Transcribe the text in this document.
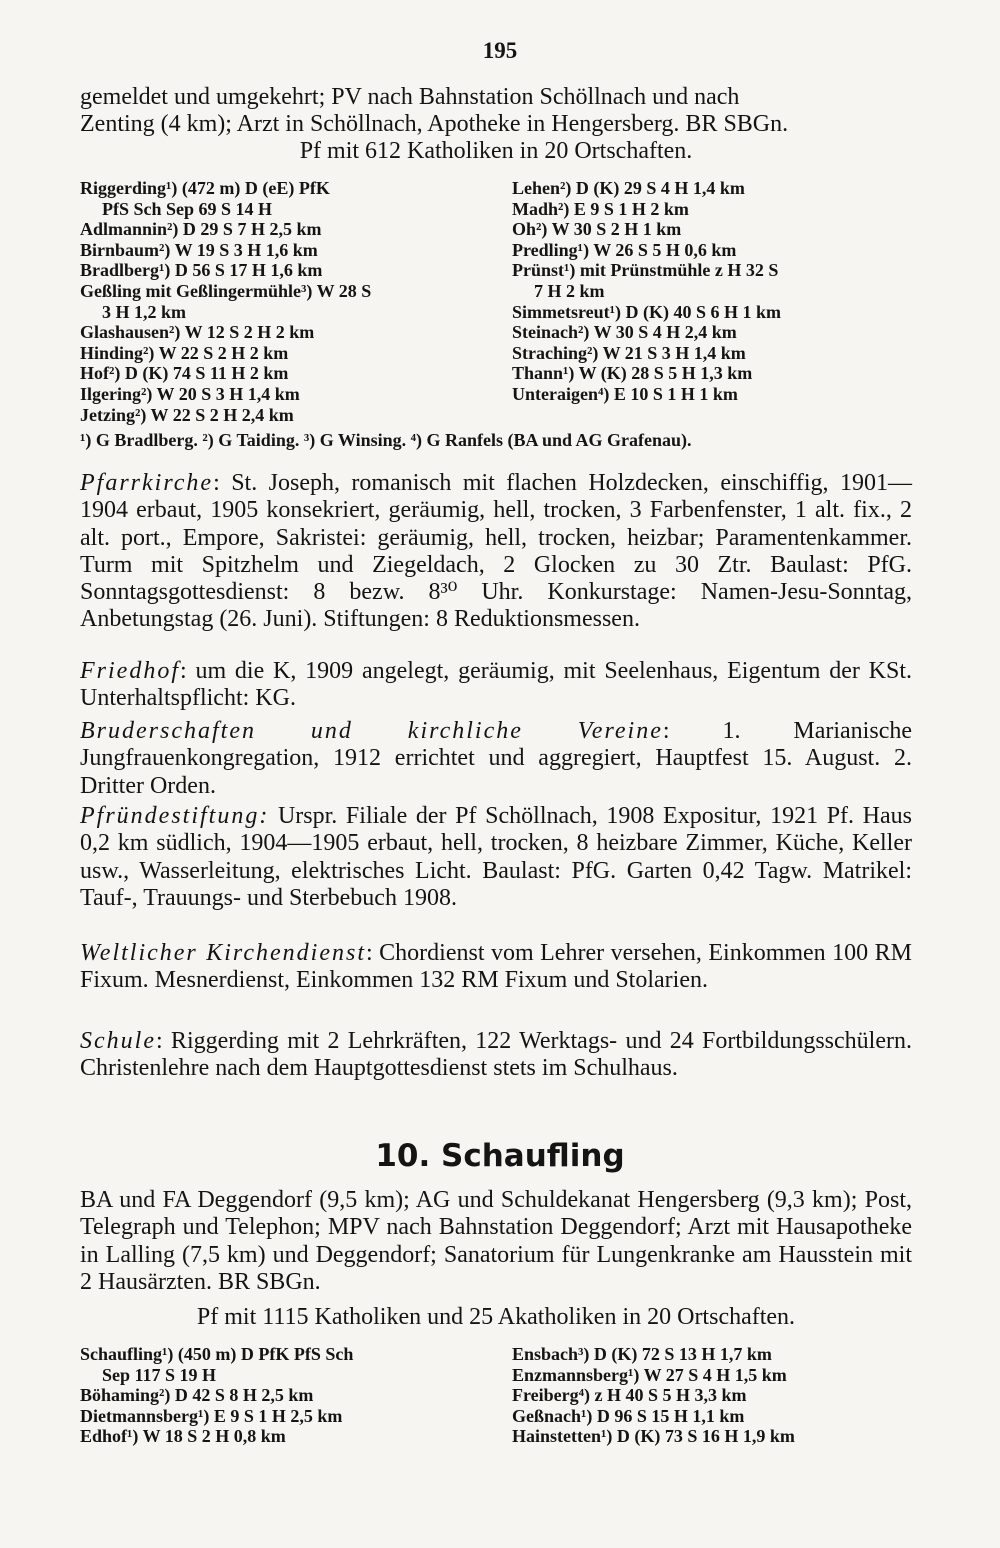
195

gemeldet und umgekehrt; PV nach Bahnstation Schöllnach und nach

Zenting (4 km); Arzt in Schöllnach, Apotheke in Hengersberg. BR SBGn.

Pf mit 612 Katholiken in 20 Ortschaften.

Riggerding¹) (472 m) D (eE) PfK
PfS Sch Sep 69 S 14 H
Adlmannin²) D 29 S 7 H 2,5 km
Birnbaum²) W 19 S 3 H 1,6 km
Bradlberg¹) D 56 S 17 H 1,6 km
Geßling mit Geßlingermühle³) W 28 S
3 H 1,2 km
Glashausen²) W 12 S 2 H 2 km
Hinding²) W 22 S 2 H 2 km
Hof²) D (K) 74 S 11 H 2 km
Ilgering²) W 20 S 3 H 1,4 km
Jetzing²) W 22 S 2 H 2,4 km
Lehen²) D (K) 29 S 4 H 1,4 km
Madh²) E 9 S 1 H 2 km
Oh²) W 30 S 2 H 1 km
Predling¹) W 26 S 5 H 0,6 km
Prünst¹) mit Prünstmühle z H 32 S
7 H 2 km
Simmetsreut¹) D (K) 40 S 6 H 1 km
Steinach²) W 30 S 4 H 2,4 km
Straching²) W 21 S 3 H 1,4 km
Thann¹) W (K) 28 S 5 H 1,3 km
Unteraigen⁴) E 10 S 1 H 1 km
¹) G Bradlberg. ²) G Taiding. ³) G Winsing. ⁴) G Ranfels (BA und AG Grafenau).
Pfarrkirche: St. Joseph, romanisch mit flachen Holzdecken, einschiffig, 1901—1904 erbaut, 1905 konsekriert, geräumig, hell, trocken, 3 Farbenfenster, 1 alt. fix., 2 alt. port., Empore, Sakristei: geräumig, hell, trocken, heizbar; Paramentenkammer. Turm mit Spitzhelm und Ziegeldach, 2 Glocken zu 30 Ztr. Baulast: PfG. Sonntagsgottesdienst: 8 bezw. 8³⁰ Uhr. Konkurstage: Namen-Jesu-Sonntag, Anbetungstag (26. Juni). Stiftungen: 8 Reduktionsmessen.
Friedhof: um die K, 1909 angelegt, geräumig, mit Seelenhaus, Eigentum der KSt. Unterhaltspflicht: KG.
Bruderschaften und kirchliche Vereine: 1. Marianische Jungfrauenkongregation, 1912 errichtet und aggregiert, Hauptfest 15. August. 2. Dritter Orden.
Pfründestiftung: Urspr. Filiale der Pf Schöllnach, 1908 Expositur, 1921 Pf. Haus 0,2 km südlich, 1904—1905 erbaut, hell, trocken, 8 heizbare Zimmer, Küche, Keller usw., Wasserleitung, elektrisches Licht. Baulast: PfG. Garten 0,42 Tagw. Matrikel: Tauf-, Trauungs- und Sterbebuch 1908.
Weltlicher Kirchendienst: Chordienst vom Lehrer versehen, Einkommen 100 RM Fixum. Mesnerdienst, Einkommen 132 RM Fixum und Stolarien.
Schule: Riggerding mit 2 Lehrkräften, 122 Werktags- und 24 Fortbildungsschülern. Christenlehre nach dem Hauptgottesdienst stets im Schulhaus.
10. Schaufling
BA und FA Deggendorf (9,5 km); AG und Schuldekanat Hengersberg (9,3 km); Post, Telegraph und Telephon; MPV nach Bahnstation Deggendorf; Arzt mit Hausapotheke in Lalling (7,5 km) und Deggendorf; Sanatorium für Lungenkranke am Hausstein mit 2 Hausärzten. BR SBGn.
Pf mit 1115 Katholiken und 25 Akatholiken in 20 Ortschaften.
Schaufling¹) (450 m) D PfK PfS Sch
Sep 117 S 19 H
Böhaming²) D 42 S 8 H 2,5 km
Dietmannsberg¹) E 9 S 1 H 2,5 km
Edhof¹) W 18 S 2 H 0,8 km
Ensbach³) D (K) 72 S 13 H 1,7 km
Enzmannsberg¹) W 27 S 4 H 1,5 km
Freiberg⁴) z H 40 S 5 H 3,3 km
Geßnach¹) D 96 S 15 H 1,1 km
Hainstetten¹) D (K) 73 S 16 H 1,9 km
